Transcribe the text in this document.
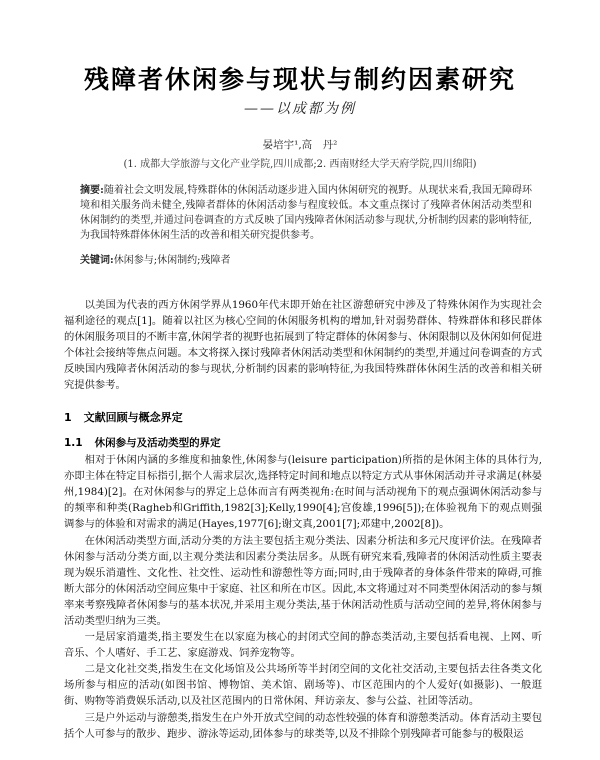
残障者休闲参与现状与制约因素研究
——以成都为例
晏培宇¹,高　丹²
(1. 成都大学旅游与文化产业学院,四川成都;2. 西南财经大学天府学院,四川绵阳)
摘要:随着社会文明发展,特殊群体的休闲活动逐步进入国内休闲研究的视野。从现状来看,我国无障碍环境和相关服务尚未健全,残障者群体的休闲活动参与程度较低。本文重点探讨了残障者休闲活动类型和休闲制约的类型,并通过问卷调查的方式反映了国内残障者休闲活动参与现状,分析制约因素的影响特征,为我国特殊群体休闲生活的改善和相关研究提供参考。
关键词:休闲参与;休闲制约;残障者
以美国为代表的西方休闲学界从1960年代末即开始在社区游憩研究中涉及了特殊休闲作为实现社会福利途径的观点[1]。随着以社区为核心空间的休闲服务机构的增加,针对弱势群体、特殊群体和移民群体的休闲服务项目的不断丰富,休闲学者的视野也拓展到了特定群体的休闲参与、休闲限制以及休闲如何促进个体社会接纳等焦点问题。本文将探入探讨残障者休闲活动类型和休闲制约的类型,并通过问卷调查的方式反映国内残障者休闲活动的参与现状,分析制约因素的影响特征,为我国特殊群体休闲生活的改善和相关研究提供参考。
1 文献回顾与概念界定
1.1 休闲参与及活动类型的界定
相对于休闲内涵的多维度和抽象性,休闲参与(leisure participation)所指的是休闲主体的具体行为,亦即主体在特定目标指引,据个人需求层次,选择特定时间和地点以特定方式从事休闲活动并寻求满足(林晏州,1984)[2]。在对休闲参与的界定上总体而言有两类视角:在时间与活动视角下的观点强调休闲活动参与的频率和种类(Ragheb和Griffith,1982[3];Kelly,1990[4];宫俊雄,1996[5]);在体验视角下的观点则强调参与的体验和对需求的满足(Hayes,1977[6];谢文真,2001[7];邓建中,2002[8])。
在休闲活动类型方面,活动分类的方法主要包括主观分类法、因素分析法和多元尺度评价法。在残障者休闲参与活动分类方面,以主观分类法和因素分类法居多。从既有研究来看,残障者的休闲活动性质主要表现为娱乐消遣性、文化性、社交性、运动性和游憩性等方面;同时,由于残障者的身体条件带来的障碍,可推断大部分的休闲活动空间应集中于家庭、社区和所在市区。因此,本文将通过对不同类型休闲活动的参与频率来考察残障者休闲参与的基本状况,并采用主观分类法,基于休闲活动性质与活动空间的差异,将休闲参与活动类型归纳为三类。
一是居家消遣类,指主要发生在以家庭为核心的封闭式空间的静态类活动,主要包括看电视、上网、听音乐、个人嗜好、手工艺、家庭游戏、饲养宠物等。
二是文化社交类,指发生在文化场馆及公共场所等半封闭空间的文化社交活动,主要包括去往各类文化场所参与相应的活动(如图书馆、博物馆、美术馆、剧场等)、市区范围内的个人爱好(如摄影)、一般逛街、购物等消费娱乐活动,以及社区范围内的日常休闲、拜访亲友、参与公益、社团等活动。
三是户外运动与游憩类,指发生在户外开放式空间的动态性较强的体育和游憩类活动。体育活动主要包括个人可参与的散步、跑步、游泳等运动,团体参与的球类等,以及不排除个别残障者可能参与的极限运
